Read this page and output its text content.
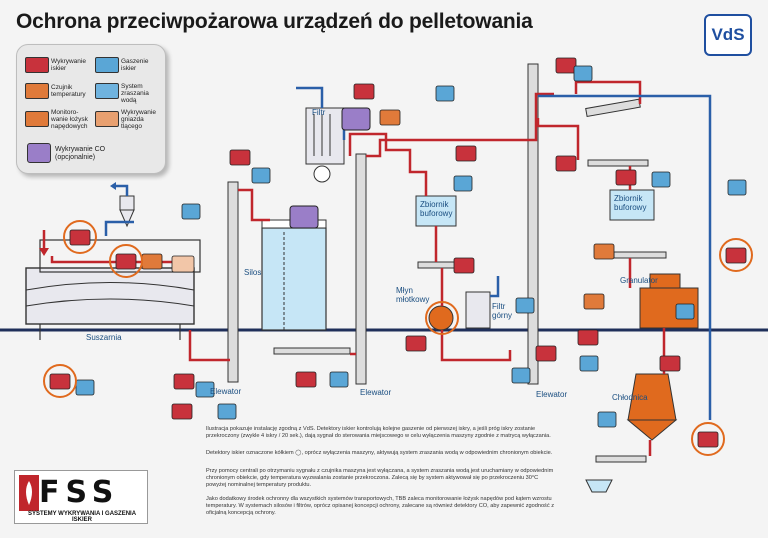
Ochrona przeciwpożarowa urządzeń do pelletowania
VdS
Wykrywanie iskier
Gaszenie iskier
Czujnik temperatury
System zraszania wodą
Monitoro-wanie łożysk napędowych
Wykrywanie gniazda tlącego
Wykrywanie CO
(opcjonalnie)
Filtr
Silos
Suszarnia
Elewator	Elewator	Elewator
Zbiornik buforowy
Zbiornik buforowy
Młyn młotkowy
Filtr górny
Granulator
Chłodnica
Ilustracja pokazuje instalację zgodną z VdS. Detektory iskier kontrolują kolejne gaszenie od pierwszej iskry, a jeśli próg iskry zostanie przekroczony (zwykle 4 iskry / 20 sek.), dają sygnał do sterowania miejscowego w celu wyłączenia maszyny zgodnie z matrycą wyłączania.
Detektory iskier oznaczone kółkiem ◯, oprócz wyłączenia maszyny, aktywują system zraszania wodą w odpowiednim chronionym obiekcie.
Przy pomocy centrali po otrzymaniu sygnału z czujnika maszyna jest wyłączana, a system zraszania wodą jest uruchamiany w odpowiednim chronionym obiekcie, gdy temperatura wyzwalania zostanie przekroczona. Zalecą się by system aktywował się po przekroczeniu 30°C powyżej nominalnej temperatury produktu.
Jako dodatkowy środek ochronny dla wszystkich systemów transportowych, TBB zaleca monitorowanie łożysk napędów pod kątem wzrostu temperatury. W systemach silosów i filtrów, oprócz opisanej koncepcji ochrony, zalecane są również detektory CO, aby zapewnić zgodność z oficjalną koncepcją ochrony.
FSS
SYSTEMY WYKRYWANIA I GASZENIA ISKIER
